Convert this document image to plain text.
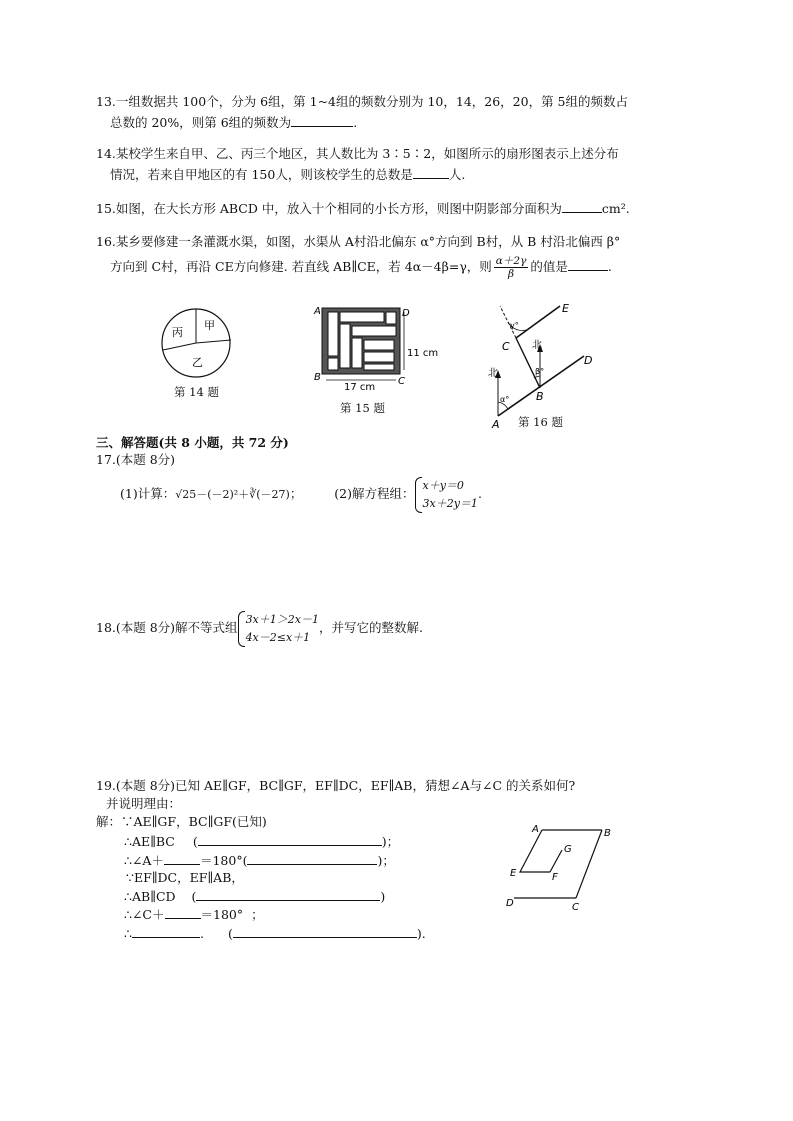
13.一组数据共 100个，分为 6组，第 1~4组的频数分别为 10，14，26，20，第 5组的频数占
总数的 20%，则第 6组的频数为	.
14.某校学生来自甲、乙、丙三个地区，其人数比为 3∶5∶2，如图所示的扇形图表示上述分布
情况，若来自甲地区的有 150人，则该校学生的总数是	人.
15.如图，在大长方形 ABCD 中，放入十个相同的小长方形，则图中阴影部分面积为	cm².
16.某乡要修建一条灌溉水渠，如图，水渠从 A村沿北偏东 α°方向到 B村，从 B 村沿北偏西 β°
方向到 C村，再沿 CE方向修建. 若直线 AB∥CE，若 4α－4β=γ，则 $\frac{\alpha+2\gamma}{\beta}$ 的值是	.
甲
丙
乙
第 14 题
A	D
B	C
11 cm
17 cm
第 15 题
A
B
C
D
E
北
北
α°
β°
γ°
第 16 题
三、解答题(共 8 小题，共 72 分)
17.(本题 8分)
(1)计算：√25－(－2)²＋∛(－27)；	(2)解方程组：
x＋y＝0
3x＋2y＝1
.
18.(本题 8分)解不等式组
3x＋1＞2x－1
4x－2≤x＋1
，并写它的整数解.
19.(本题 8分)已知 AE∥GF，BC∥GF，EF∥DC，EF∥AB，猜想∠A与∠C 的关系如何?
并说明理由：
解：∵AE∥GF，BC∥GF(已知)
∴AE∥BC (	)；
∴∠A＋	＝180°(	)；
∵EF∥DC，EF∥AB，
∴AB∥CD (	)
∴∠C＋	＝180° ；
∴	. (	).
A	B
G
E	F
D	C
